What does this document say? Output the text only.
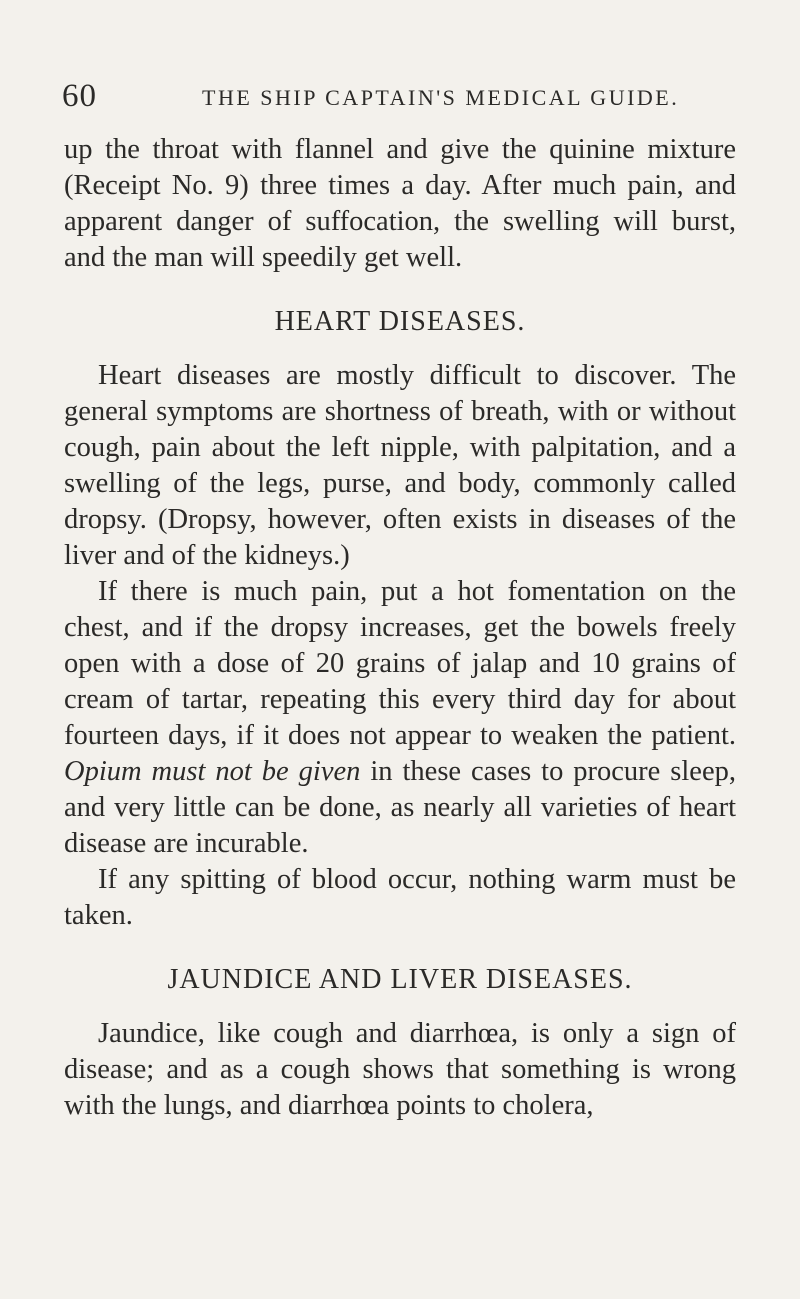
60	THE SHIP CAPTAIN'S MEDICAL GUIDE.

up the throat with flannel and give the quinine mixture (Receipt No. 9) three times a day. After much pain, and apparent danger of suffocation, the swelling will burst, and the man will speedily get well.

HEART DISEASES.

Heart diseases are mostly difficult to discover. The general symptoms are shortness of breath, with or without cough, pain about the left nipple, with palpitation, and a swelling of the legs, purse, and body, commonly called dropsy. (Dropsy, however, often exists in diseases of the liver and of the kidneys.)

If there is much pain, put a hot fomentation on the chest, and if the dropsy increases, get the bowels freely open with a dose of 20 grains of jalap and 10 grains of cream of tartar, repeating this every third day for about fourteen days, if it does not appear to weaken the patient. Opium must not be given in these cases to procure sleep, and very little can be done, as nearly all varieties of heart disease are incurable.

If any spitting of blood occur, nothing warm must be taken.

JAUNDICE AND LIVER DISEASES.

Jaundice, like cough and diarrhœa, is only a sign of disease; and as a cough shows that something is wrong with the lungs, and diarrhœa points to cholera,
